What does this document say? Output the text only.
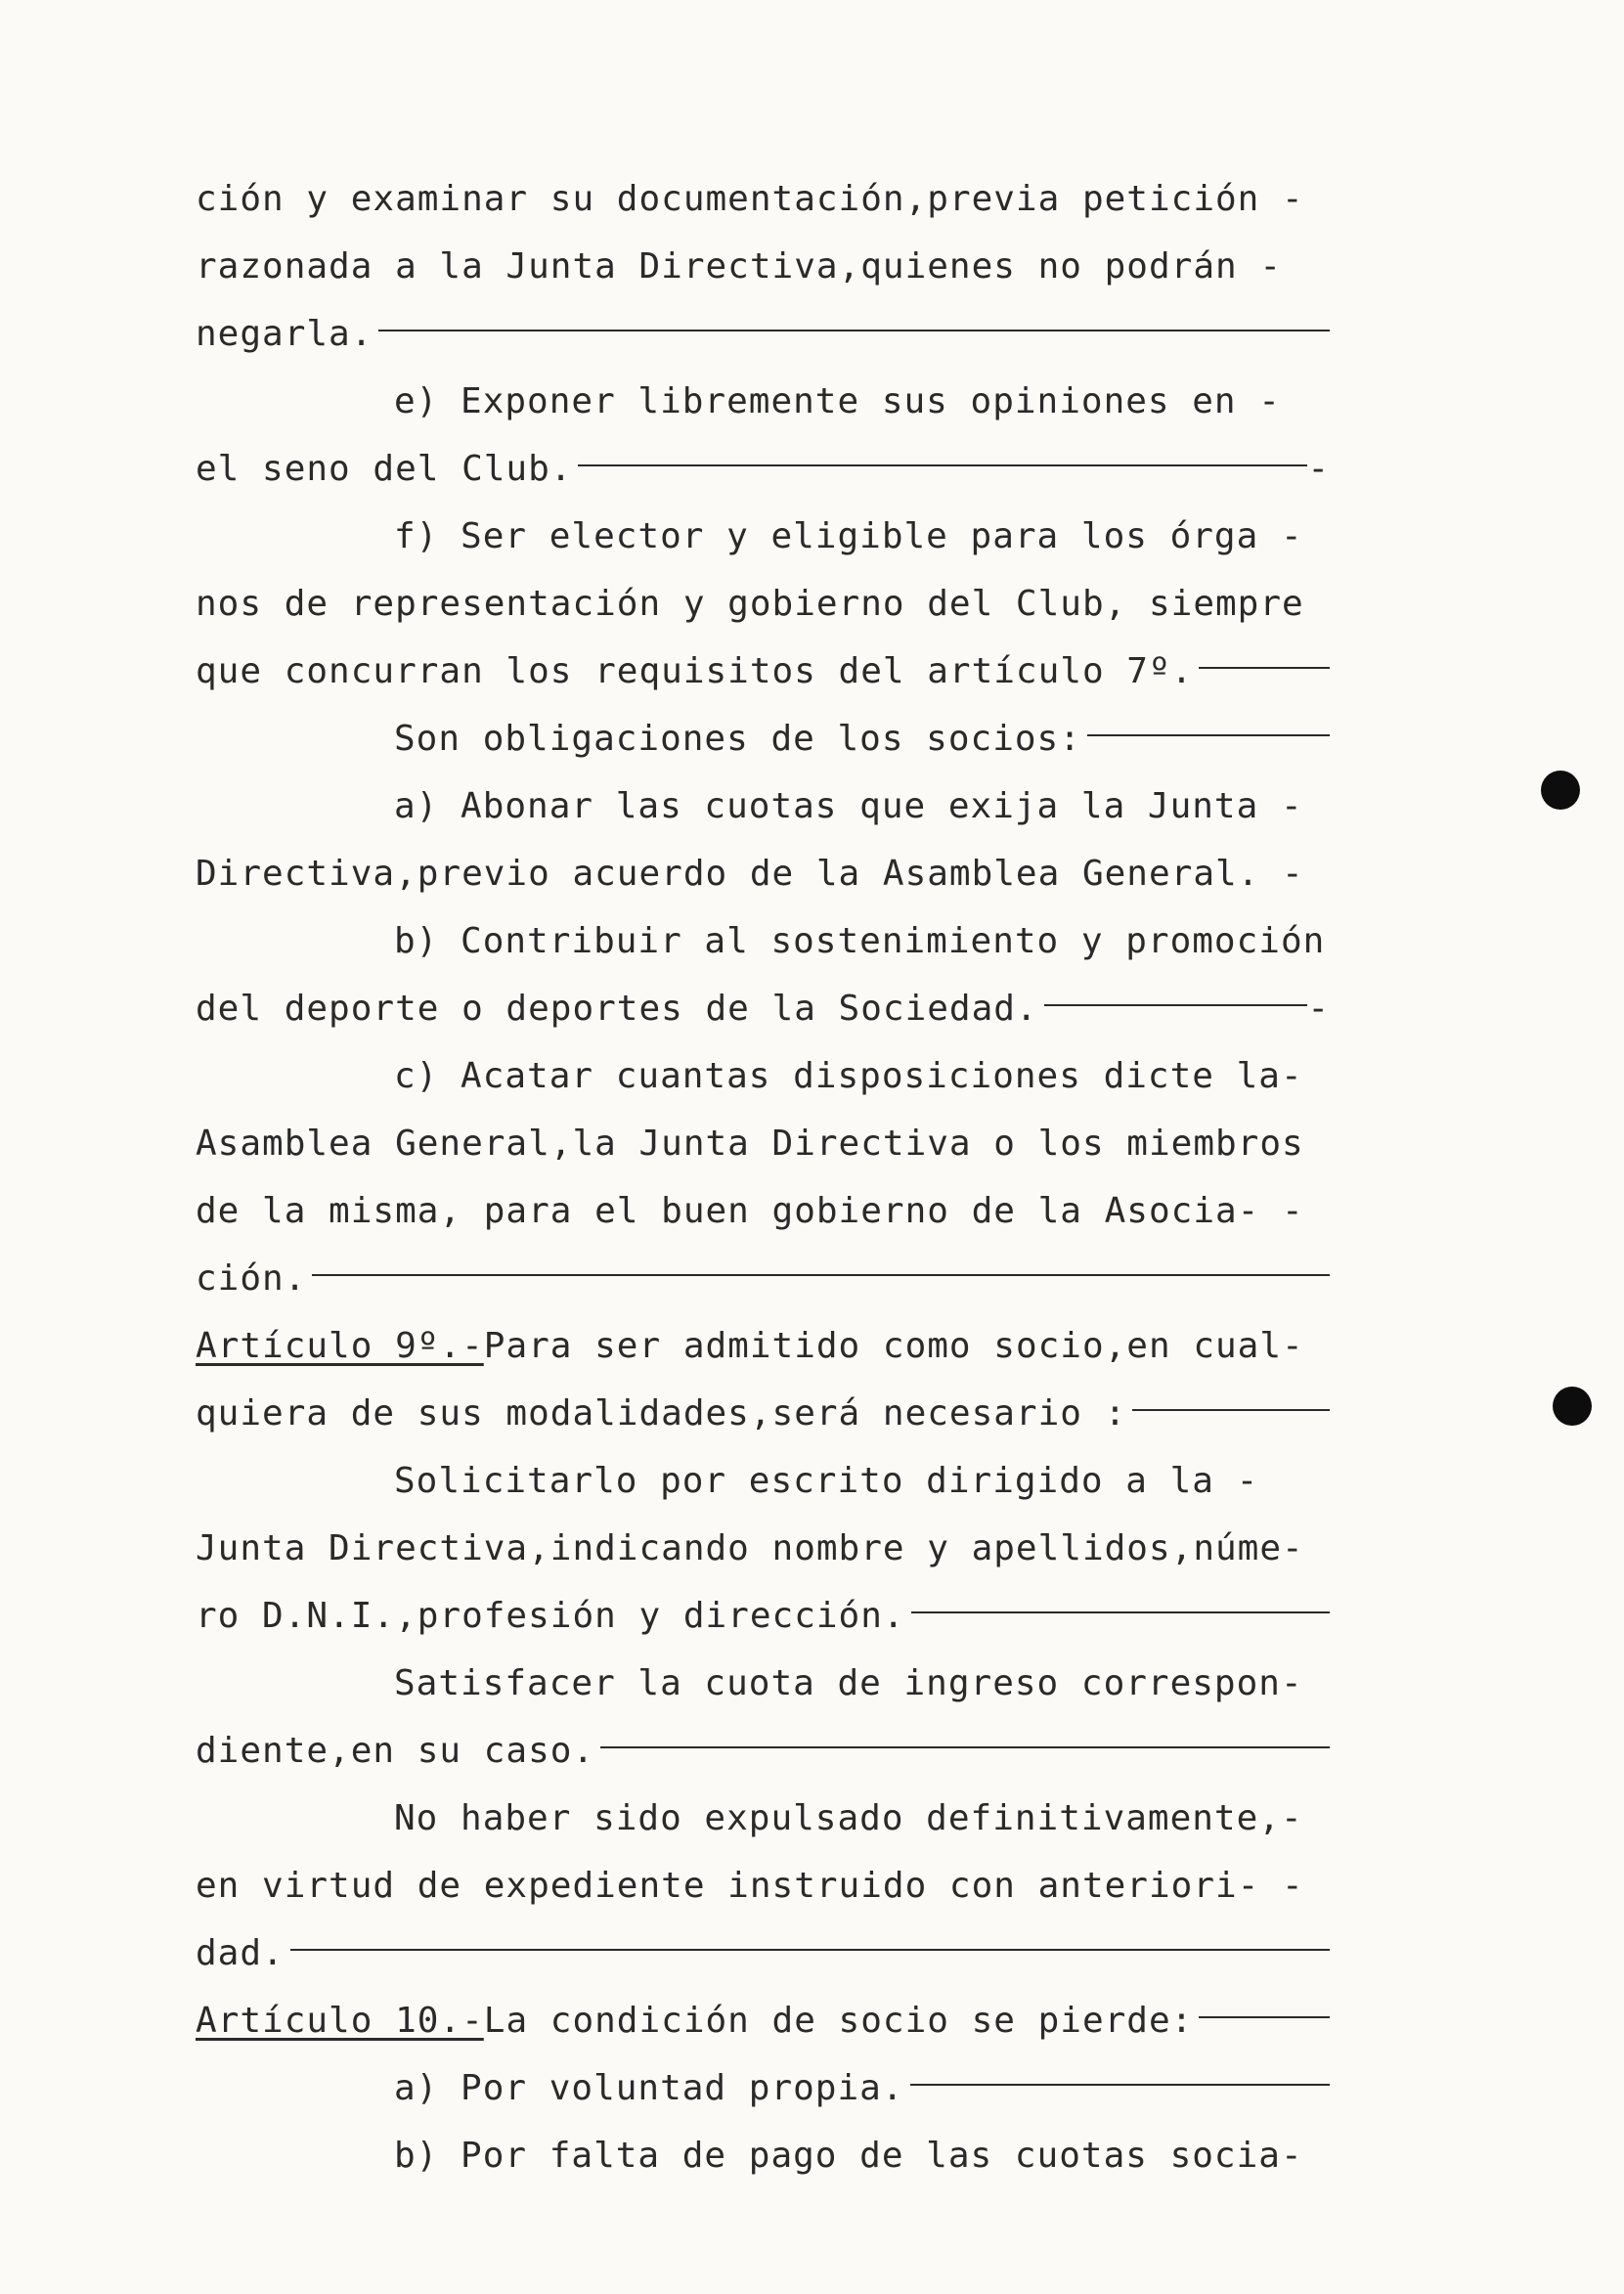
ción y examinar su documentación,previa petición -
razonada a la Junta Directiva,quienes no podrán -
negarla.
e) Exponer libremente sus opiniones en -
el seno del Club.	-
f) Ser elector y eligible para los órga -
nos de representación y gobierno del Club, siempre
que concurran los requisitos del artículo 7º.
Son obligaciones de los socios:
a) Abonar las cuotas que exija la Junta -
Directiva,previo acuerdo de la Asamblea General. -
b) Contribuir al sostenimiento y promoción
del deporte o deportes de la Sociedad.	-
c) Acatar cuantas disposiciones dicte la-
Asamblea General,la Junta Directiva o los miembros
de la misma, para el buen gobierno de la Asocia- -
ción.
Artículo 9º.- Para ser admitido como socio,en cual-
quiera de sus modalidades,será necesario :
Solicitarlo por escrito dirigido a la -
Junta Directiva,indicando nombre y apellidos,núme-
ro D.N.I.,profesión y dirección.
Satisfacer la cuota de ingreso correspon-
diente,en su caso.
No haber sido expulsado definitivamente,-
en virtud de expediente instruido con anteriori- -
dad.
Artículo 10.- La condición de socio se pierde:
a) Por voluntad propia.
b) Por falta de pago de las cuotas socia-
